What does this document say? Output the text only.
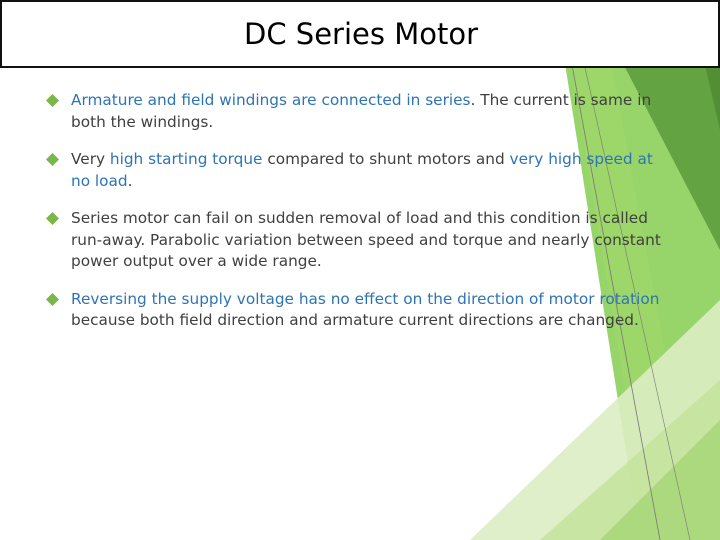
DC Series Motor
Armature and field windings are connected in series. The current is same in both the windings.
Very high starting torque compared to shunt motors and very high speed at no load.
Series motor can fail on sudden removal of load and this condition is called run-away. Parabolic variation between speed and torque and nearly constant power output over a wide range.
Reversing the supply voltage has no effect on the direction of motor rotation because both field direction and armature current directions are changed.
